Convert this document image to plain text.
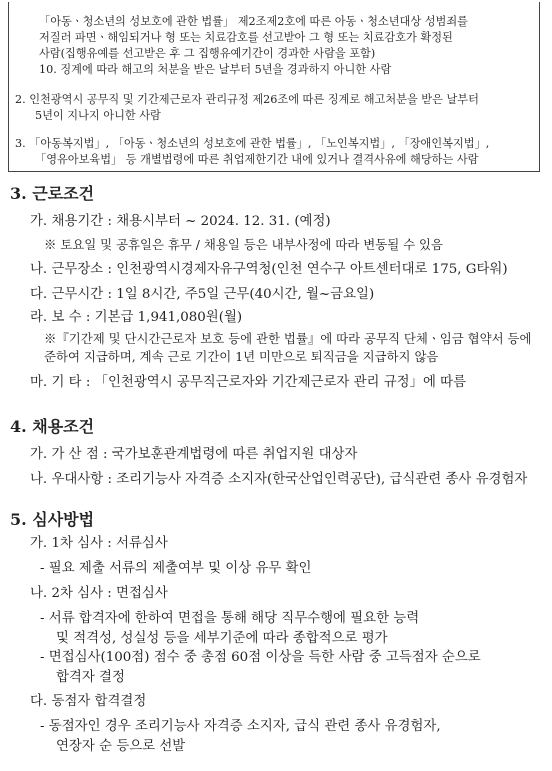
「아동ㆍ청소년의 성보호에 관한 법률」 제2조제2호에 따른 아동ㆍ청소년대상 성범죄를
저질러 파면ㆍ해임되거나 형 또는 치료감호를 선고받아 그 형 또는 치료감호가 확정된
사람(집행유예를 선고받은 후 그 집행유예기간이 경과한 사람을 포함)
10. 징계에 따라 해고의 처분을 받은 날부터 5년을 경과하지 아니한 사람
2. 인천광역시 공무직 및 기간제근로자 관리규정 제26조에 따른 징계로 해고처분을 받은 날부터
5년이 지나지 아니한 사람
3. 「아동복지법」, 「아동ㆍ청소년의 성보호에 관한 법률」, 「노인복지법」, 「장애인복지법」,
「영유아보육법」 등 개별법령에 따른 취업제한기간 내에 있거나 결격사유에 해당하는 사람
3. 근로조건
가. 채용기간 : 채용시부터 ~ 2024. 12. 31. (예정)
※ 토요일 및 공휴일은 휴무 / 채용일 등은 내부사정에 따라 변동될 수 있음
나. 근무장소 : 인천광역시경제자유구역청(인천 연수구 아트센터대로 175, G타워)
다. 근무시간 : 1일 8시간, 주5일 근무(40시간, 월~금요일)
라. 보 수 : 기본급 1,941,080원(월)
※『기간제 및 단시간근로자 보호 등에 관한 법률』에 따라 공무직 단체ㆍ임금 협약서 등에
준하여 지급하며, 계속 근로 기간이 1년 미만으로 퇴직금을 지급하지 않음
마. 기 타 : 「인천광역시 공무직근로자와 기간제근로자 관리 규정」에 따름
4. 채용조건
가. 가 산 점 : 국가보훈관계법령에 따른 취업지원 대상자
나. 우대사항 : 조리기능사 자격증 소지자(한국산업인력공단), 급식관련 종사 유경험자
5. 심사방법
가. 1차 심사 : 서류심사
- 필요 제출 서류의 제출여부 및 이상 유무 확인
나. 2차 심사 : 면접심사
- 서류 합격자에 한하여 면접을 통해 해당 직무수행에 필요한 능력
및 적격성, 성실성 등을 세부기준에 따라 종합적으로 평가
- 면접심사(100점) 점수 중 총점 60점 이상을 득한 사람 중 고득점자 순으로
합격자 결정
다. 동점자 합격결정
- 동점자인 경우 조리기능사 자격증 소지자, 급식 관련 종사 유경험자,
연장자 순 등으로 선발
